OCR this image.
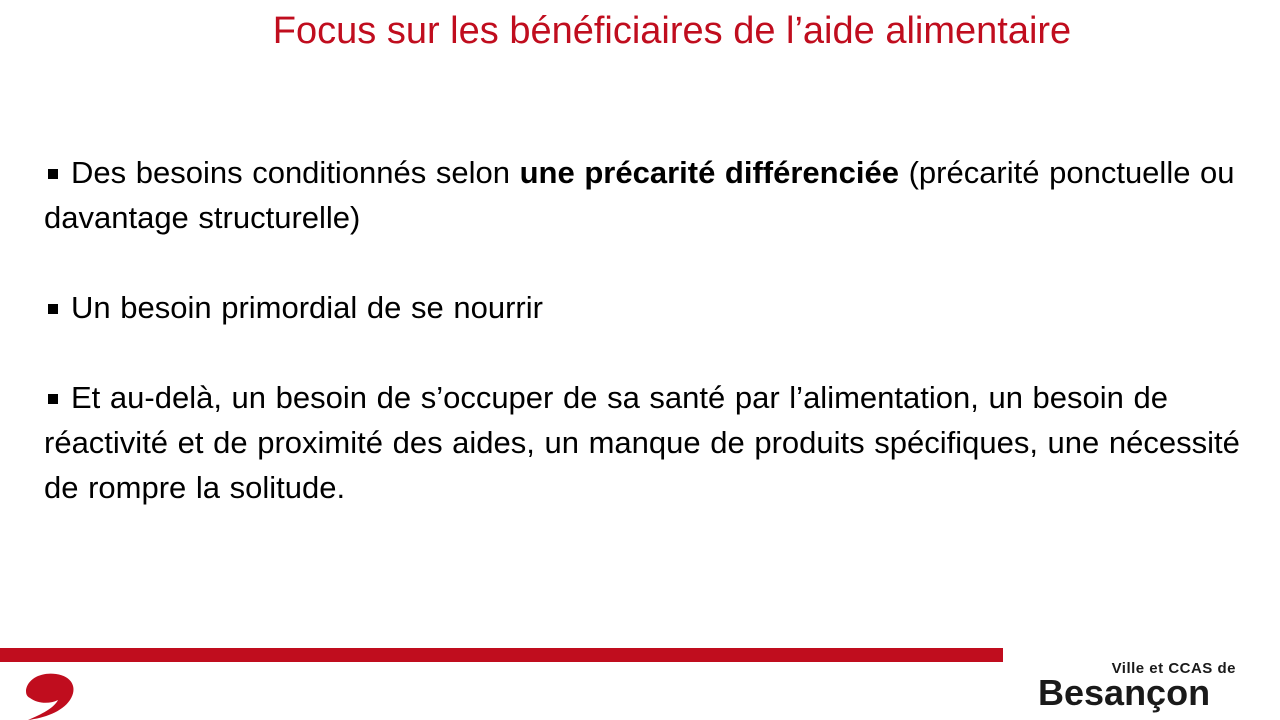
Focus sur les bénéficiaires de l’aide alimentaire

Des besoins conditionnés selon une précarité différenciée (précarité ponctuelle ou davantage structurelle)

Un besoin primordial de se nourrir

Et au-delà, un besoin de s’occuper de sa santé par l’alimentation, un besoin de réactivité et de proximité des aides, un manque de produits spécifiques, une nécessité de rompre la solitude.

Ville et CCAS de
Besançon
